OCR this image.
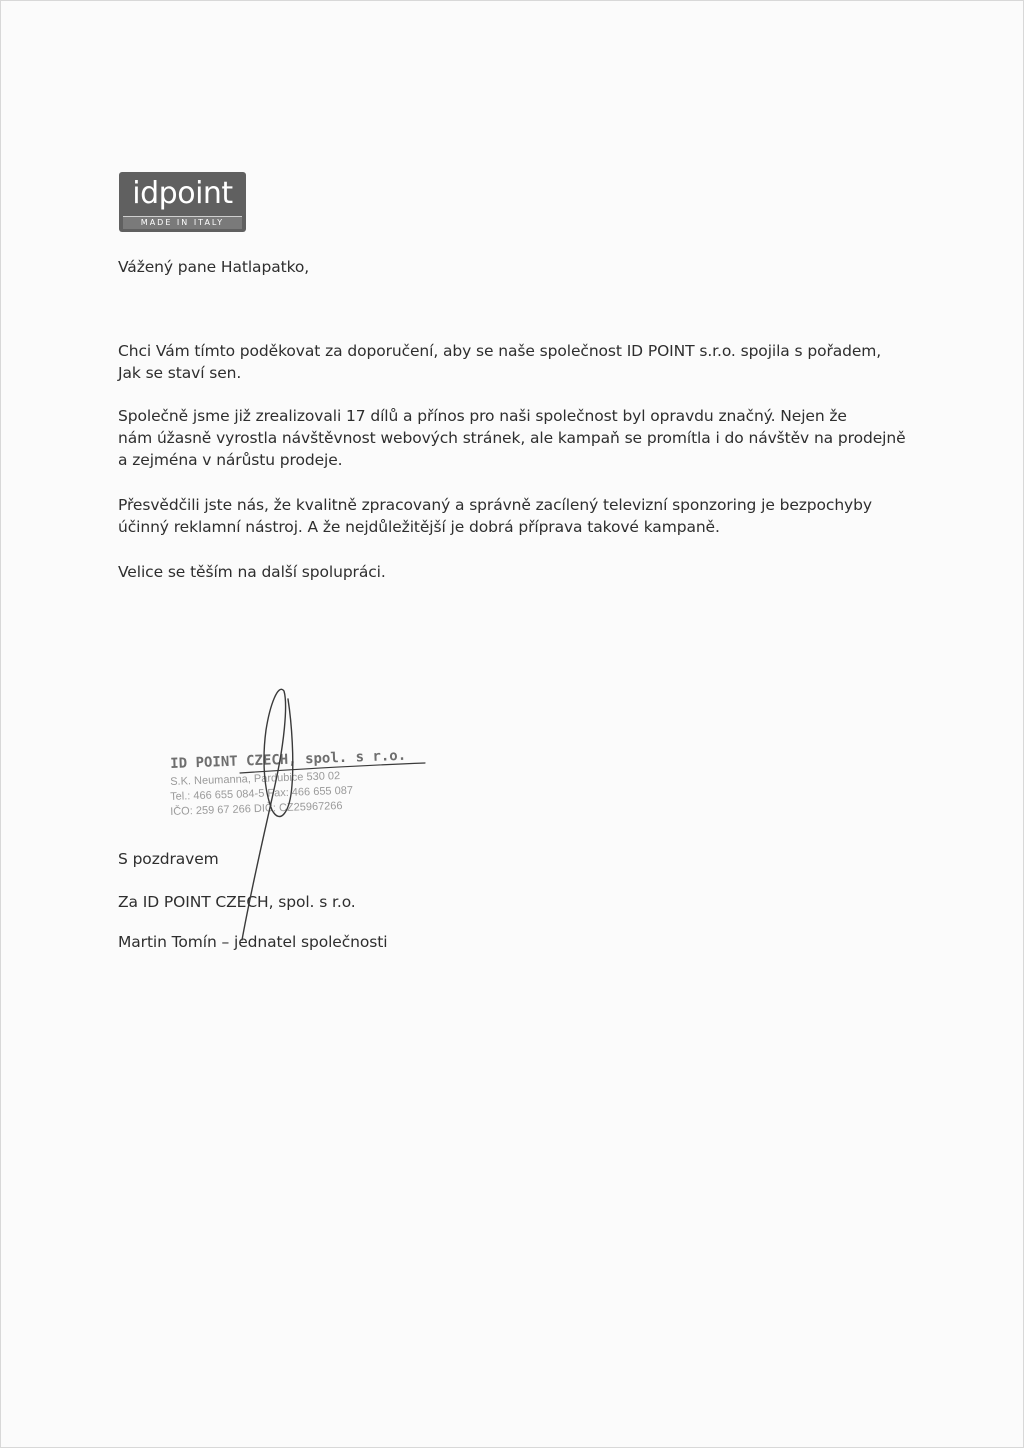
idpoint
MADE IN ITALY
Vážený pane Hatlapatko,
Chci Vám tímto poděkovat za doporučení, aby se naše společnost ID POINT s.r.o. spojila s pořadem,
Jak se staví sen.
Společně jsme již zrealizovali 17 dílů a přínos pro naši společnost byl opravdu značný. Nejen že
nám úžasně vyrostla návštěvnost webových stránek, ale kampaň se promítla i do návštěv na prodejně
a zejména v nárůstu prodeje.
Přesvědčili jste nás, že kvalitně zpracovaný a správně zacílený televizní sponzoring je bezpochyby
účinný reklamní nástroj. A že nejdůležitější je dobrá příprava takové kampaně.
Velice se těším na další spolupráci.
ID POINT CZECH, spol. s r.o.
S.K. Neumanna, Pardubice 530 02
Tel.: 466 655 084-5 Fax: 466 655 087
IČO: 259 67 266 DIČ: CZ25967266
S pozdravem
Za ID POINT CZECH, spol. s r.o.
Martin Tomín – jednatel společnosti
